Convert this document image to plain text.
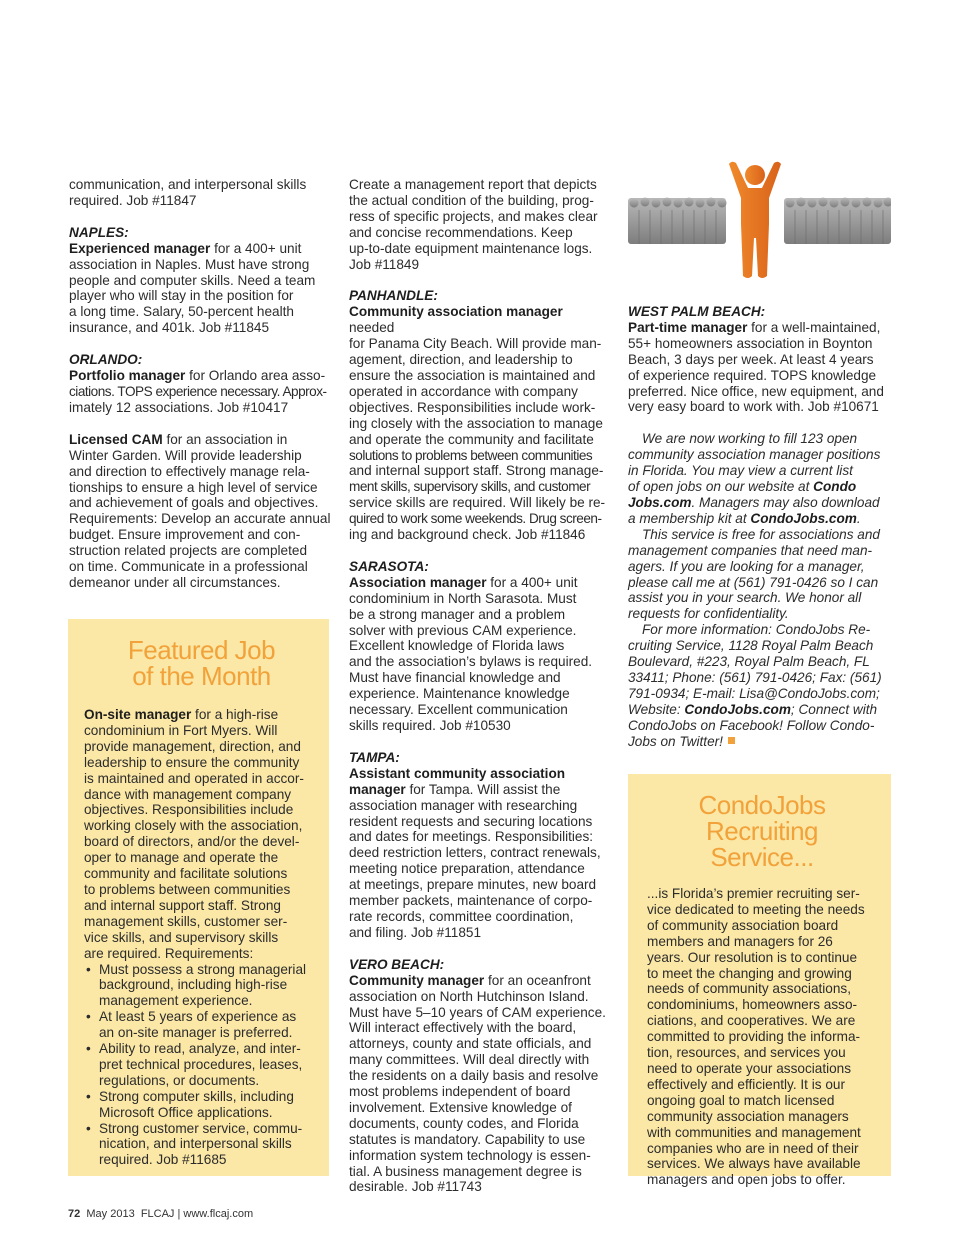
communication, and interpersonal skills

required. Job #11847

NAPLES:

Experienced manager for a 400+ unit

association in Naples. Must have strong

people and computer skills. Need a team

player who will stay in the position for

a long time. Salary, 50-percent health

insurance, and 401k. Job #11845

ORLANDO:

Portfolio manager for Orlando area asso-

ciations. TOPS experience necessary. Approx-

imately 12 associations. Job #10417

Licensed CAM for an association in

Winter Garden. Will provide leadership

and direction to effectively manage rela-

tionships to ensure a high level of service

and achievement of goals and objectives.

Requirements: Develop an accurate annual

budget. Ensure improvement and con-

struction related projects are completed

on time. Communicate in a professional

demeanor under all circumstances.

Featured Job
of the Month

On-site manager for a high-rise

condominium in Fort Myers. Will
provide management, direction, and
leadership to ensure the community
is maintained and operated in accor-
dance with management company
objectives. Responsibilities include
working closely with the association,
board of directors, and/or the devel-
oper to manage and operate the
community and facilitate solutions
to problems between communities
and internal support staff. Strong
management skills, customer ser-
vice skills, and supervisory skills
are required. Requirements:
• Must possess a strong managerial
background, including high-rise
management experience.
• At least 5 years of experience as
an on-site manager is preferred.
• Ability to read, analyze, and inter-
pret technical procedures, leases,
regulations, or documents.
• Strong computer skills, including
Microsoft Office applications.
• Strong customer service, commu-
nication, and interpersonal skills
required. Job #11685

Create a management report that depicts

the actual condition of the building, prog-

ress of specific projects, and makes clear

and concise recommendations. Keep

up-to-date equipment maintenance logs.

Job #11849

PANHANDLE:

Community association manager needed

for Panama City Beach. Will provide man-

agement, direction, and leadership to

ensure the association is maintained and

operated in accordance with company

objectives. Responsibilities include work-

ing closely with the association to manage

and operate the community and facilitate

solutions to problems between communities

and internal support staff. Strong manage-

ment skills, supervisory skills, and customer

service skills are required. Will likely be re-

quired to work some weekends. Drug screen-

ing and background check. Job #11846

SARASOTA:

Association manager for a 400+ unit

condominium in North Sarasota. Must

be a strong manager and a problem

solver with previous CAM experience.

Excellent knowledge of Florida laws

and the association’s bylaws is required.

Must have financial knowledge and

experience. Maintenance knowledge

necessary. Excellent communication

skills required. Job #10530

TAMPA:

Assistant community association

manager for Tampa. Will assist the

association manager with researching

resident requests and securing locations

and dates for meetings. Responsibilities:

deed restriction letters, contract renewals,

meeting notice preparation, attendance

at meetings, prepare minutes, new board

member packets, maintenance of corpo-

rate records, committee coordination,

and filing. Job #11851

VERO BEACH:

Community manager for an oceanfront

association on North Hutchinson Island.

Must have 5–10 years of CAM experience.

Will interact effectively with the board,

attorneys, county and state officials, and

many committees. Will deal directly with

the residents on a daily basis and resolve

most problems independent of board

involvement. Extensive knowledge of

documents, county codes, and Florida

statutes is mandatory. Capability to use

information system technology is essen-

tial. A business management degree is

desirable. Job #11743

WEST PALM BEACH:

Part-time manager for a well-maintained,

55+ homeowners association in Boynton

Beach, 3 days per week. At least 4 years

of experience required. TOPS knowledge

preferred. Nice office, new equipment, and

very easy board to work with. Job #10671

We are now working to fill 123 open

community association manager positions

in Florida. You may view a current list

of open jobs on our website at Condo

Jobs.com. Managers may also download

a membership kit at CondoJobs.com.

This service is free for associations and

management companies that need man-

agers. If you are looking for a manager,

please call me at (561) 791-0426 so I can

assist you in your search. We honor all

requests for confidentiality.

For more information: CondoJobs Re-

cruiting Service, 1128 Royal Palm Beach

Boulevard, #223, Royal Palm Beach, FL

33411; Phone: (561) 791-0426; Fax: (561)

791-0934; E-mail: Lisa@CondoJobs.com;

Website: CondoJobs.com; Connect with

CondoJobs on Facebook! Follow Condo-

Jobs on Twitter!

CondoJobs Recruiting
Service...
...is Florida’s premier recruiting ser-
vice dedicated to meeting the needs
of community association board
members and managers for 26
years. Our resolution is to continue
to meet the changing and growing
needs of community associations,
condominiums, homeowners asso-
ciations, and cooperatives. We are
committed to providing the informa-
tion, resources, and services you
need to operate your associations
effectively and efficiently. It is our
ongoing goal to match licensed
community association managers
with communities and management
companies who are in need of their
services. We always have available
managers and open jobs to offer.
72 May 2013 FLCAJ | www.flcaj.com
